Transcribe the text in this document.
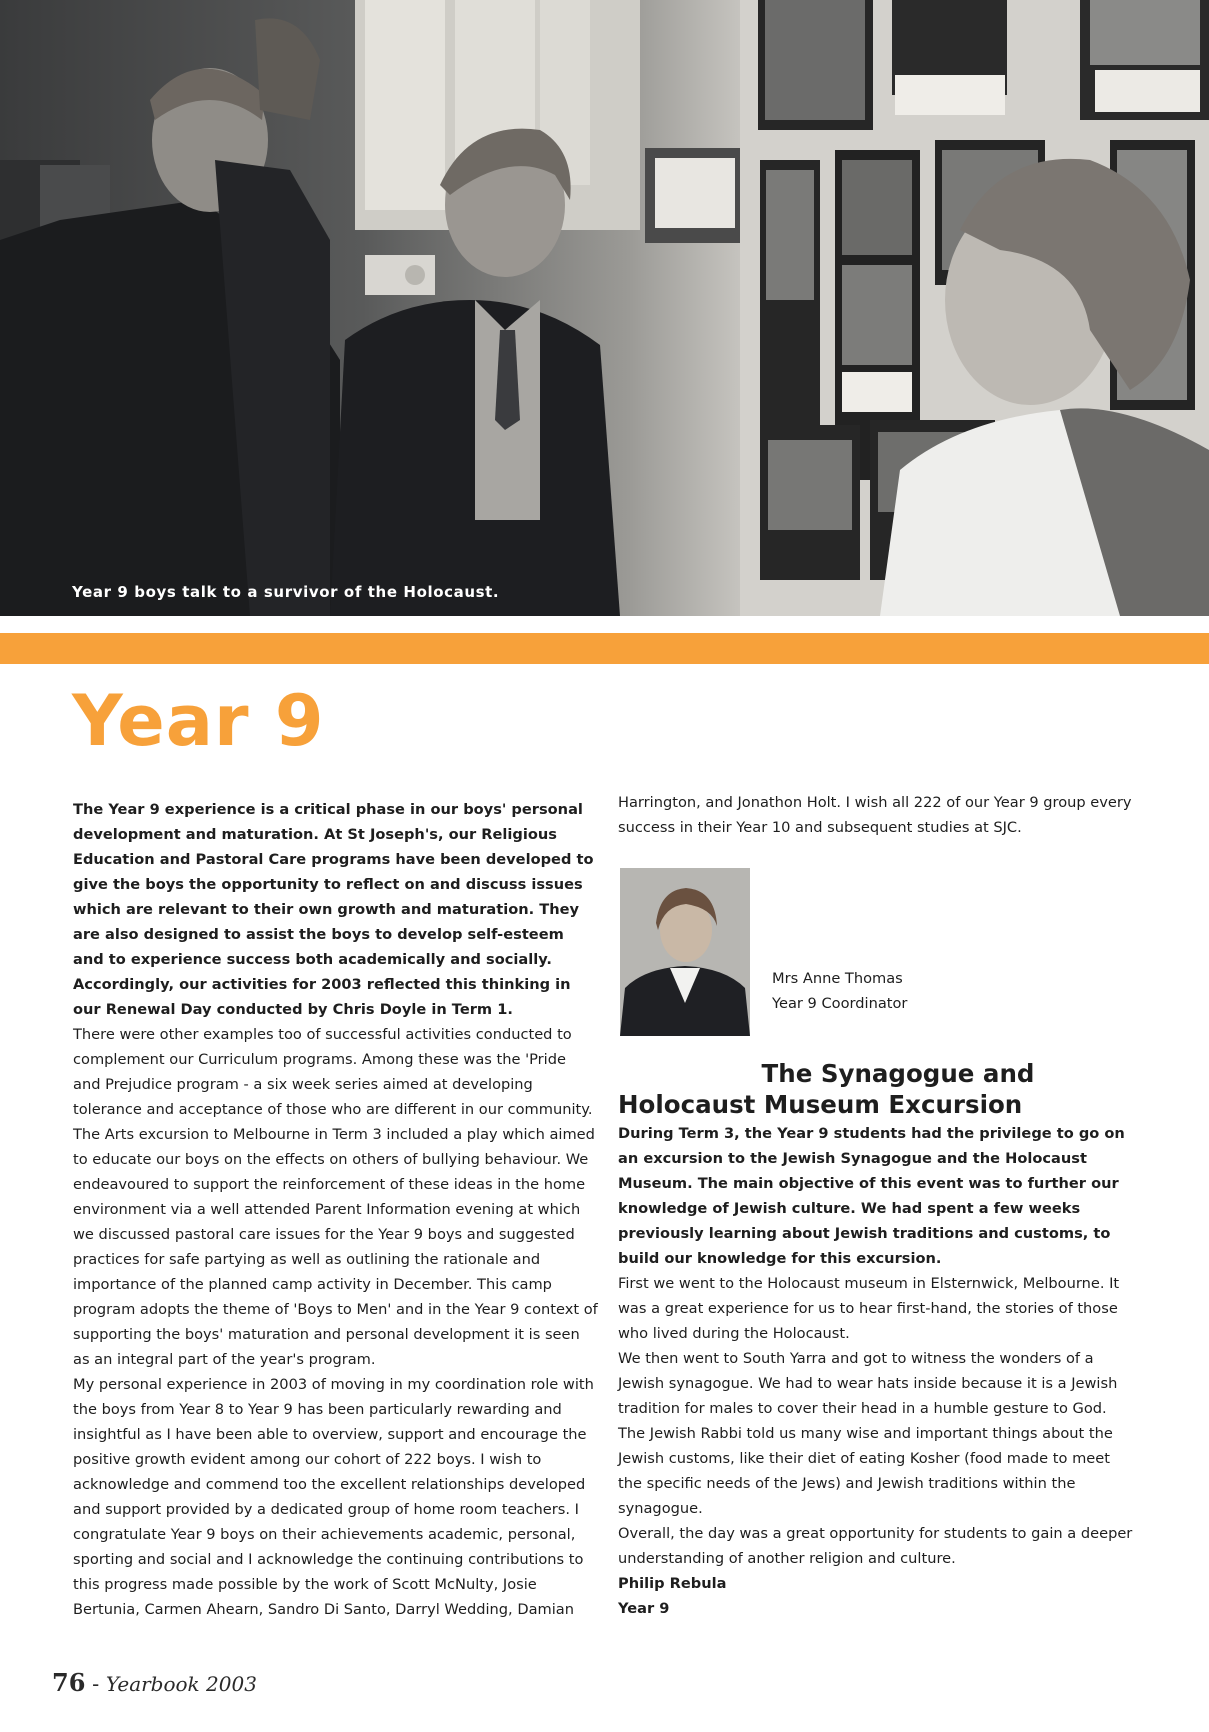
Year 9 boys talk to a survivor of the Holocaust.
Year 9

The Year 9 experience is a critical phase in our boys' personal development and maturation. At St Joseph's, our Religious Education and Pastoral Care programs have been developed to give the boys the opportunity to reflect on and discuss issues which are relevant to their own growth and maturation. They are also designed to assist the boys to develop self-esteem and to experience success both academically and socially. Accordingly, our activities for 2003 reflected this thinking in our Renewal Day conducted by Chris Doyle in Term 1.

There were other examples too of successful activities conducted to complement our Curriculum programs. Among these was the 'Pride and Prejudice program - a six week series aimed at developing tolerance and acceptance of those who are different in our community. The Arts excursion to Melbourne in Term 3 included a play which aimed to educate our boys on the effects on others of bullying behaviour. We endeavoured to support the reinforcement of these ideas in the home environment via a well attended Parent Information evening at which we discussed pastoral care issues for the Year 9 boys and suggested practices for safe partying as well as outlining the rationale and importance of the planned camp activity in December. This camp program adopts the theme of 'Boys to Men' and in the Year 9 context of supporting the boys' maturation and personal development it is seen as an integral part of the year's program.

My personal experience in 2003 of moving in my coordination role with the boys from Year 8 to Year 9 has been particularly rewarding and insightful as I have been able to overview, support and encourage the positive growth evident among our cohort of 222 boys. I wish to acknowledge and commend too the excellent relationships developed and support provided by a dedicated group of home room teachers. I congratulate Year 9 boys on their achievements academic, personal, sporting and social and I acknowledge the continuing contributions to this progress made possible by the work of Scott McNulty, Josie Bertunia, Carmen Ahearn, Sandro Di Santo, Darryl Wedding, Damian

Harrington, and Jonathon Holt. I wish all 222 of our Year 9 group every success in their Year 10 and subsequent studies at SJC.

Mrs Anne Thomas
Year 9 Coordinator
The Synagogue and
Holocaust Museum Excursion

During Term 3, the Year 9 students had the privilege to go on an excursion to the Jewish Synagogue and the Holocaust Museum. The main objective of this event was to further our knowledge of Jewish culture. We had spent a few weeks previously learning about Jewish traditions and customs, to build our knowledge for this excursion.

First we went to the Holocaust museum in Elsternwick, Melbourne. It was a great experience for us to hear first-hand, the stories of those who lived during the Holocaust.

We then went to South Yarra and got to witness the wonders of a Jewish synagogue. We had to wear hats inside because it is a Jewish tradition for males to cover their head in a humble gesture to God. The Jewish Rabbi told us many wise and important things about the Jewish customs, like their diet of eating Kosher (food made to meet the specific needs of the Jews) and Jewish traditions within the synagogue.

Overall, the day was a great opportunity for students to gain a deeper understanding of another religion and culture.

Philip Rebula

Year 9

76 - Yearbook 2003
